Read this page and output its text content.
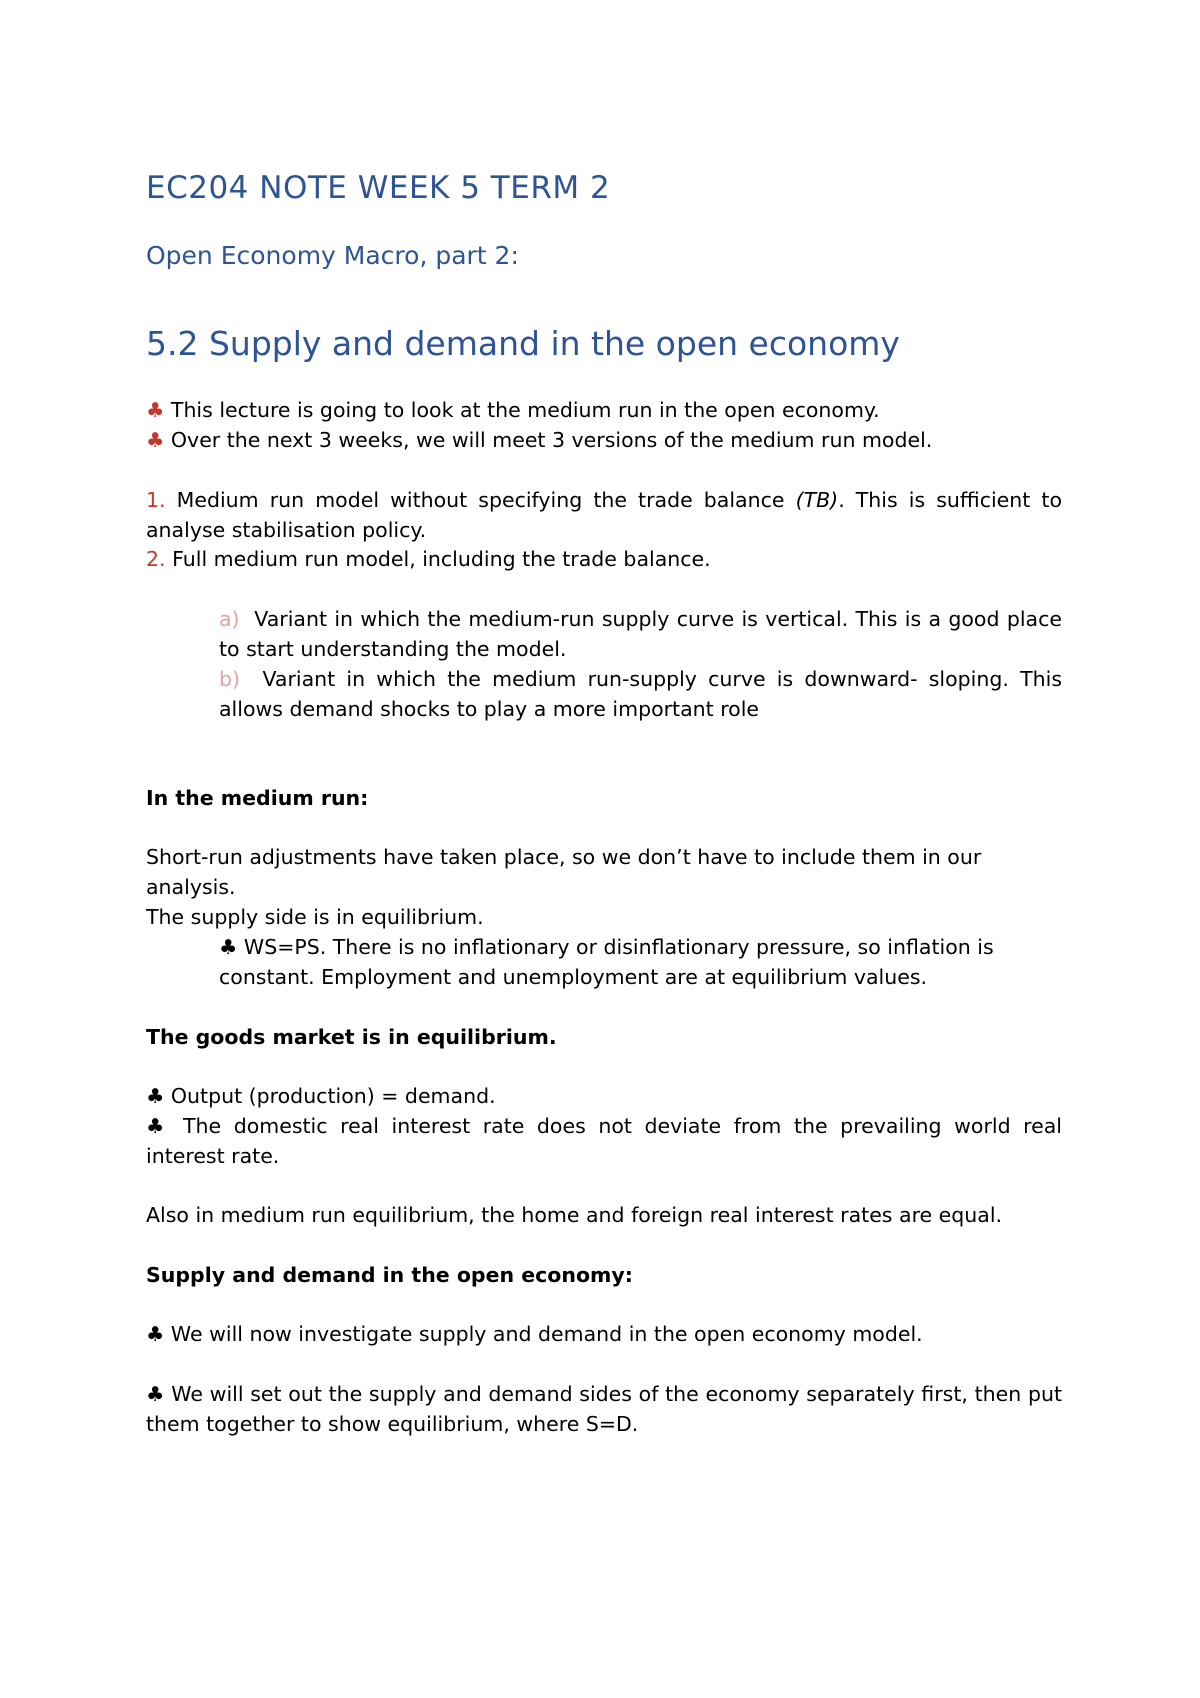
EC204 NOTE WEEK 5 TERM 2
Open Economy Macro, part 2:
5.2 Supply and demand in the open economy
♣ This lecture is going to look at the medium run in the open economy.
♣ Over the next 3 weeks, we will meet 3 versions of the medium run model.
1. Medium run model without specifying the trade balance (TB). This is sufficient to analyse stabilisation policy.
2. Full medium run model, including the trade balance.
a) Variant in which the medium-run supply curve is vertical. This is a good place to start understanding the model.
b) Variant in which the medium run-supply curve is downward- sloping. This allows demand shocks to play a more important role
In the medium run:
Short-run adjustments have taken place, so we don’t have to include them in our analysis.
The supply side is in equilibrium.
♣ WS=PS. There is no inflationary or disinflationary pressure, so inflation is constant. Employment and unemployment are at equilibrium values.
The goods market is in equilibrium.
♣ Output (production) = demand.
♣ The domestic real interest rate does not deviate from the prevailing world real interest rate.
Also in medium run equilibrium, the home and foreign real interest rates are equal.
Supply and demand in the open economy:
♣ We will now investigate supply and demand in the open economy model.
♣ We will set out the supply and demand sides of the economy separately first, then put them together to show equilibrium, where S=D.
